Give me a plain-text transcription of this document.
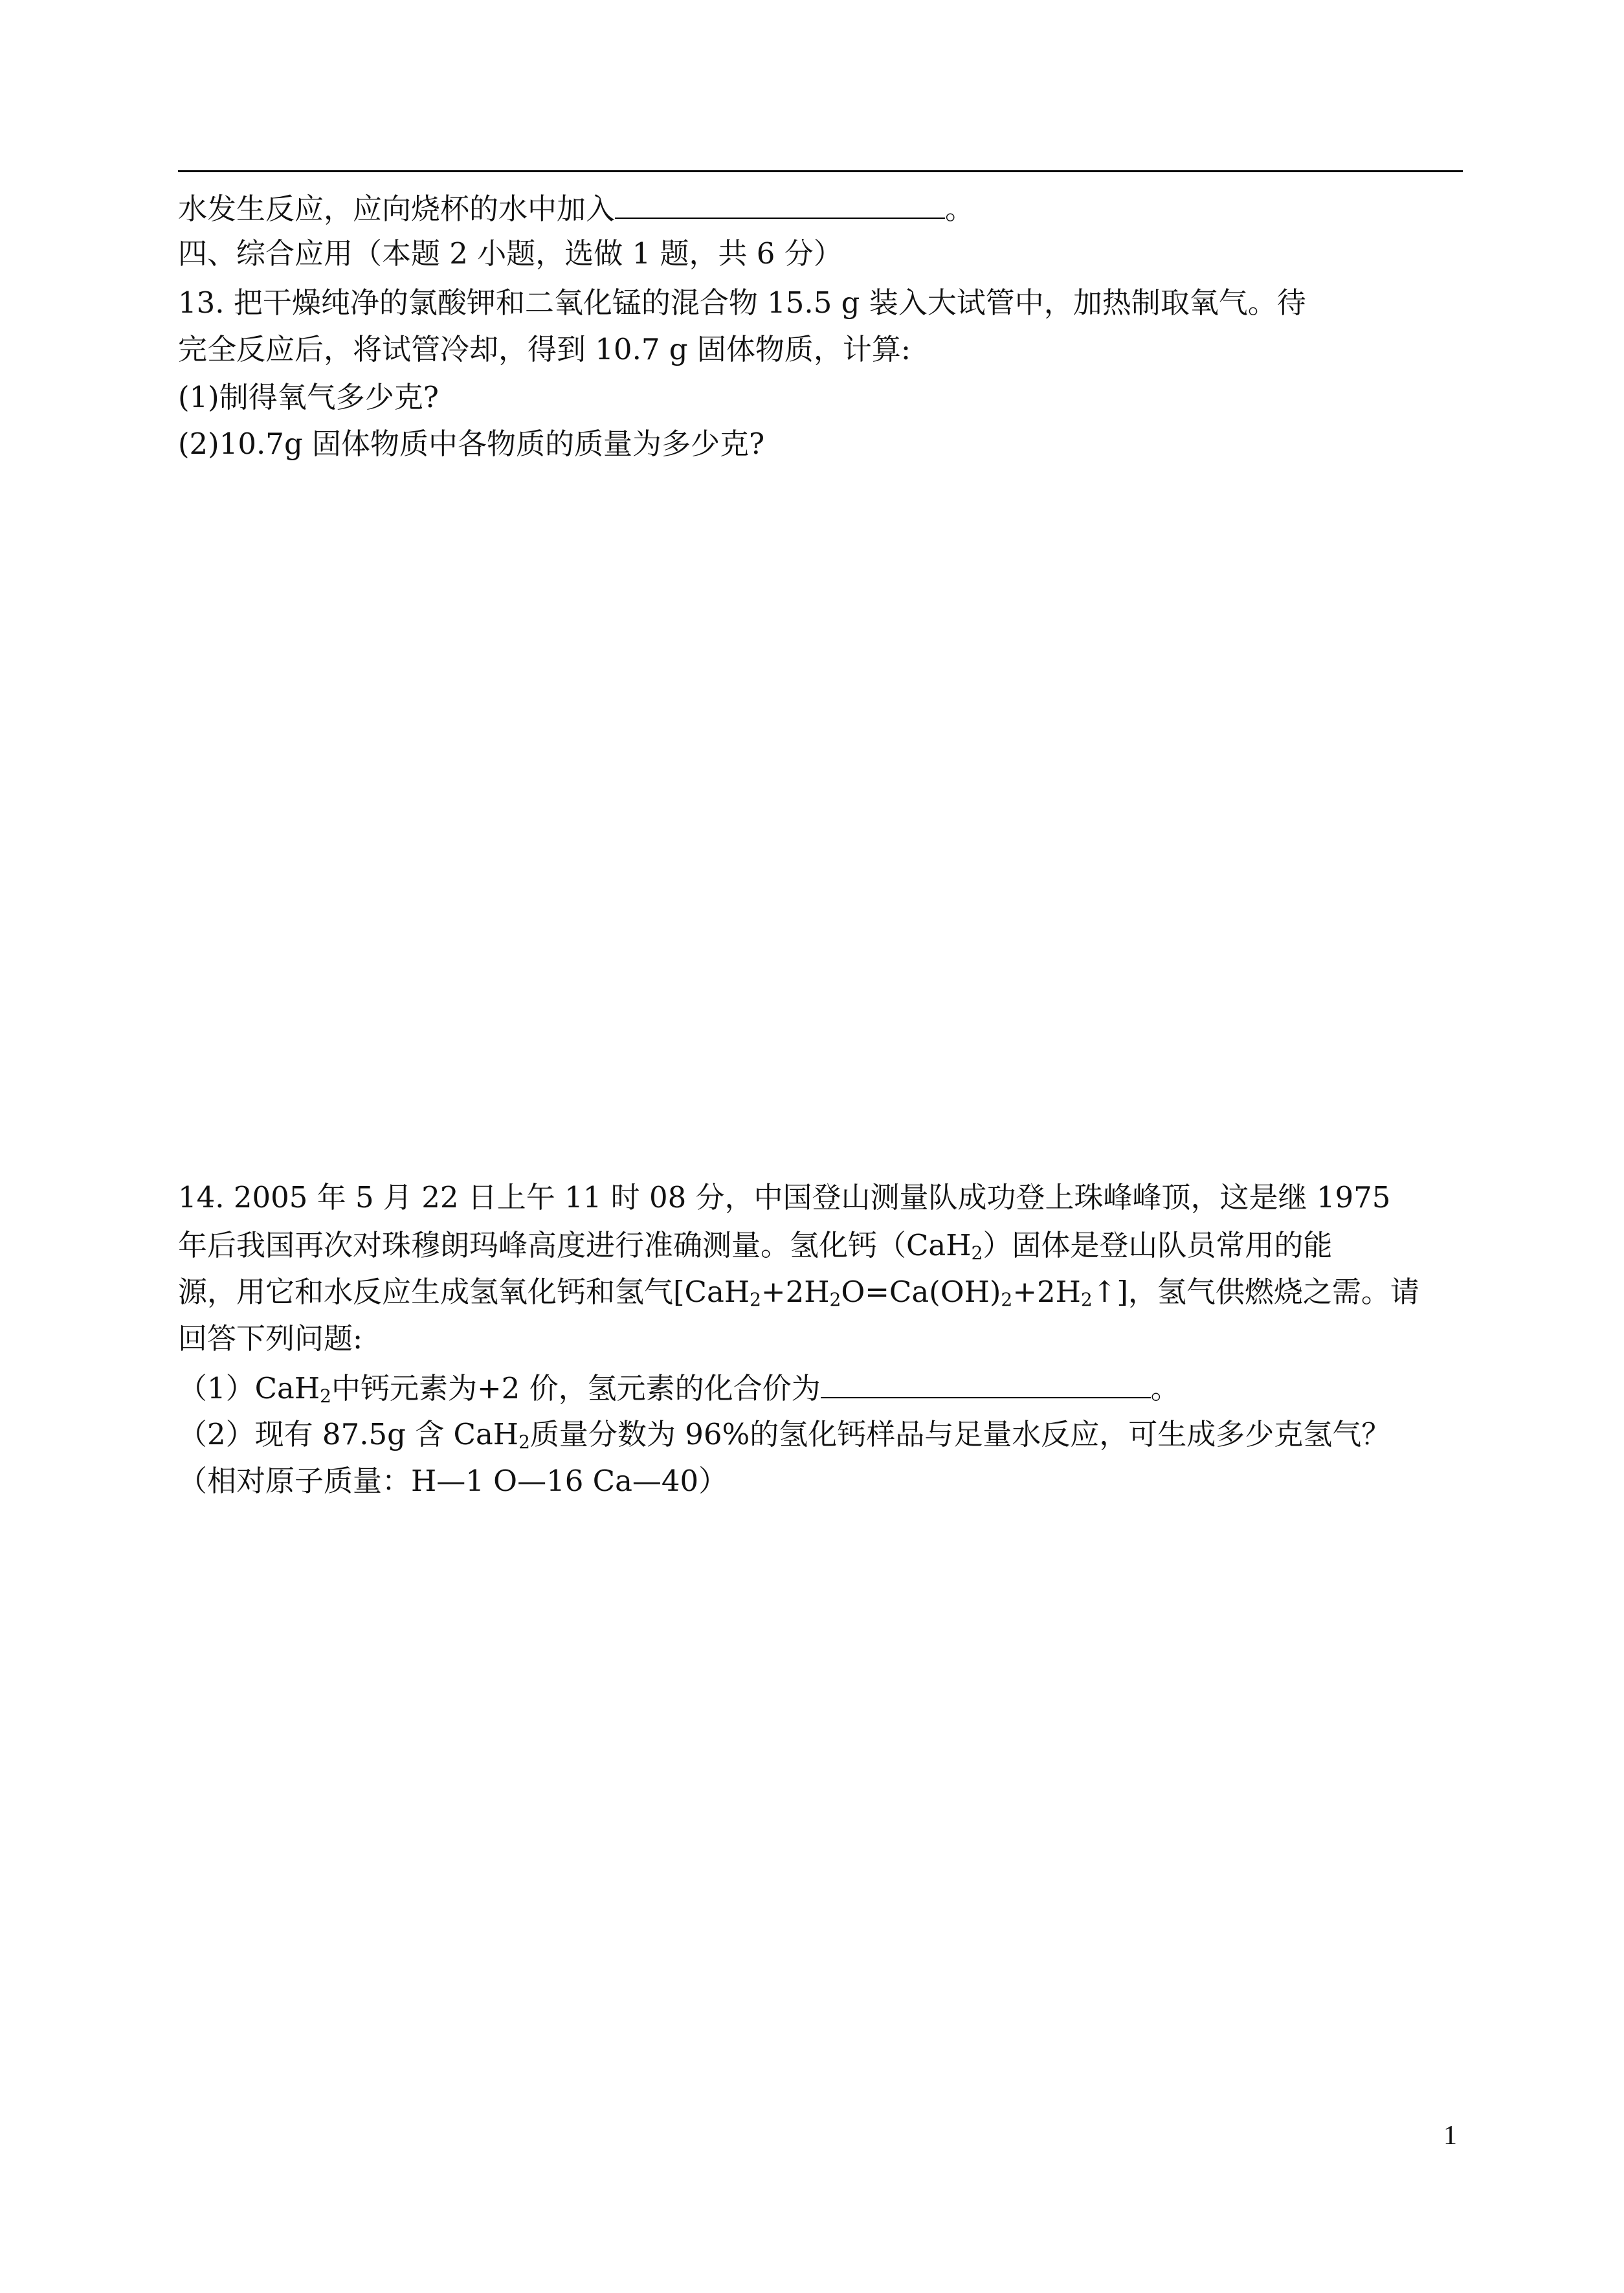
水发生反应，应向烧杯的水中加入	。
四、综合应用（本题 2 小题，选做 1 题，共 6 分）
13. 把干燥纯净的氯酸钾和二氧化锰的混合物 15.5 g 装入大试管中，加热制取氧气。待
完全反应后，将试管冷却，得到 10.7 g 固体物质，计算:
(1)制得氧气多少克?
(2)10.7g 固体物质中各物质的质量为多少克?
14. 2005 年 5 月 22 日上午 11 时 08 分，中国登山测量队成功登上珠峰峰顶，这是继 1975
年后我国再次对珠穆朗玛峰高度进行准确测量。氢化钙（CaH$_2$）固体是登山队员常用的能
源，用它和水反应生成氢氧化钙和氢气$[CaH_2+2H_2O=Ca(OH)_2+2H_2↑]$，氢气供燃烧之需。请
回答下列问题:
（1）CaH$_2$中钙元素为+2 价，氢元素的化合价为	。
（2）现有 87.5g 含 CaH$_2$质量分数为 96%的氢化钙样品与足量水反应，可生成多少克氢气？
（相对原子质量：H—1 O—16 Ca—40）
1
